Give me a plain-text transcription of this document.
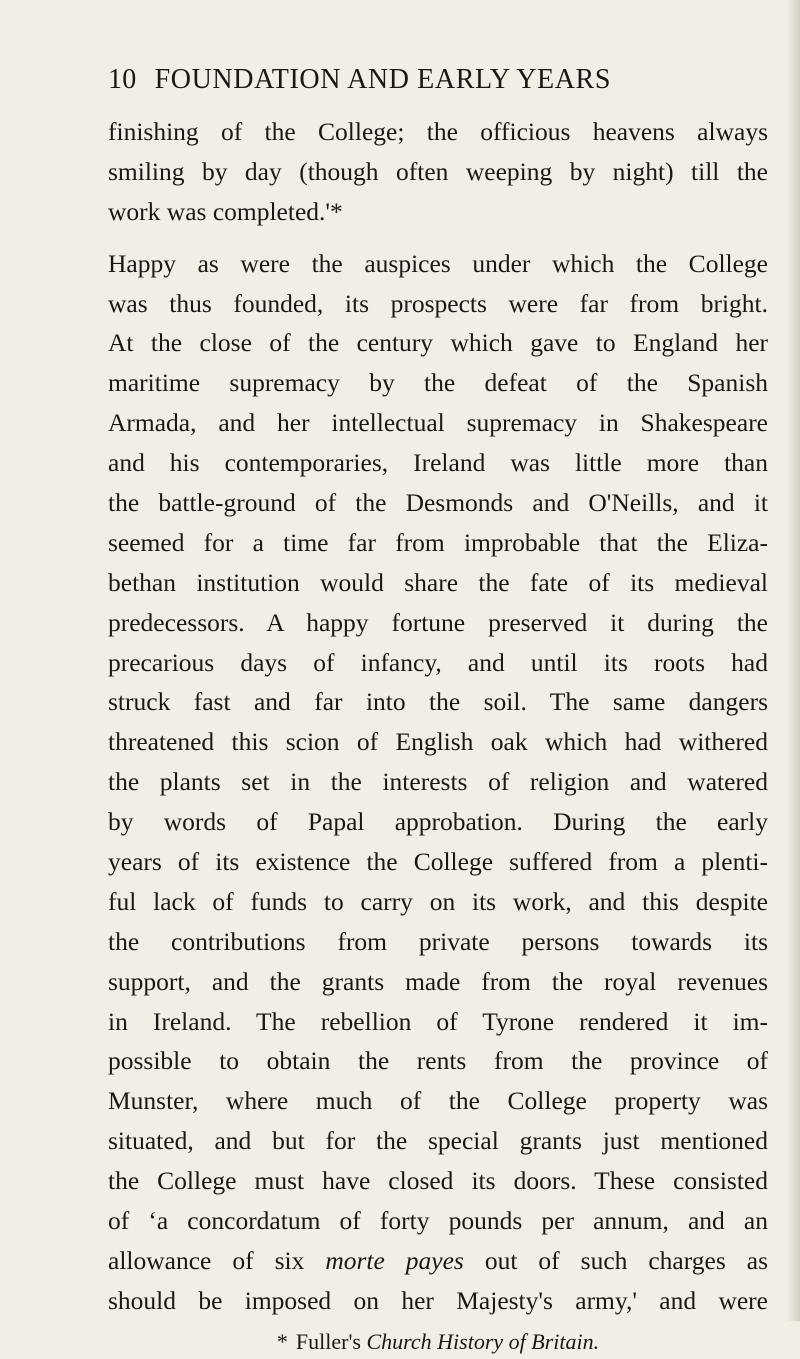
10 FOUNDATION AND EARLY YEARS
finishing of the College; the officious heavens always
smiling by day (though often weeping by night) till the
work was completed.'*
Happy as were the auspices under which the College
was thus founded, its prospects were far from bright.
At the close of the century which gave to England her
maritime supremacy by the defeat of the Spanish
Armada, and her intellectual supremacy in Shakespeare
and his contemporaries, Ireland was little more than
the battle-ground of the Desmonds and O'Neills, and it
seemed for a time far from improbable that the Eliza-
bethan institution would share the fate of its medieval
predecessors. A happy fortune preserved it during the
precarious days of infancy, and until its roots had
struck fast and far into the soil. The same dangers
threatened this scion of English oak which had withered
the plants set in the interests of religion and watered
by words of Papal approbation. During the early
years of its existence the College suffered from a plenti-
ful lack of funds to carry on its work, and this despite
the contributions from private persons towards its
support, and the grants made from the royal revenues
in Ireland. The rebellion of Tyrone rendered it im-
possible to obtain the rents from the province of
Munster, where much of the College property was
situated, and but for the special grants just mentioned
the College must have closed its doors. These consisted
of ‘a concordatum of forty pounds per annum, and an
allowance of six morte payes out of such charges as
should be imposed on her Majesty's army,' and were
* Fuller's Church History of Britain.
